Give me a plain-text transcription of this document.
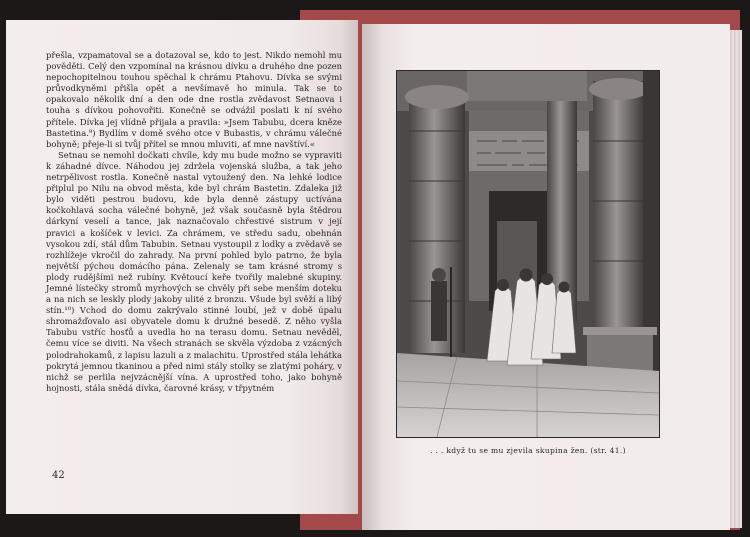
přešla, vzpamatoval se a dotazoval se, kdo to jest. Nikdo nemohl mu pověděti. Celý den vzpomínal na krásnou dívku a druhého dne pozen nepochopitelnou touhou spěchal k chrámu Ptahovu. Dívka se svými průvodkyněmi přišla opět a nevšímavě ho minula. Tak se to opakovalo několik dní a den ode dne rostla zvědavost Setnaova i touha s dívkou pohovořiti. Konečně se odvážil poslati k ní svého přítele. Dívka jej vlídně přijala a pravila: »Jsem Tabubu, dcera kněze Bastetina.⁹) Bydlím v domě svého otce v Bubastis, v chrámu válečné bohyně; přeje-li si tvůj přítel se mnou mluviti, ať mne navštíví.«

Setnau se nemohl dočkati chvíle, kdy mu bude možno se vypraviti k záhadné dívce. Náhodou jej zdržela vojenská služba, a tak jeho netrpělivost rostla. Konečně nastal vytoužený den. Na lehké lodice připlul po Nilu na obvod města, kde byl chrám Bastetin. Zdaleka již bylo viděti pestrou budovu, kde byla denně zástupy uctívána kočkohlavá socha válečné bohyně, jež však současně byla štědrou dárkyní veselí a tance, jak naznačovalo chřestivé sistrum v její pravici a košíček v levici. Za chrámem, ve středu sadu, obehnán vysokou zdí, stál dům Tabubin. Setnau vystoupil z lodky a zvědavě se rozhlížeje vkročil do zahrady. Na první pohled bylo patrno, že byla největší pýchou domácího pána. Zelenaly se tam krásné stromy s plody rudějšími než rubíny. Květoucí keře tvořily malebné skupiny. Jemné lístečky stromů myrhových se chvěly při sebe menším doteku a na nich se leskly plody jakoby ulité z bronzu. Všude byl svěží a libý stín.¹⁰) Vchod do domu zakrývalo stinné loubí, jež v době úpalu shromažďovalo asi obyvatele domu k družné besedě. Z něho vyšla Tabubu vstříc hosťů a uvedla ho na terasu domu. Setnau nevěděl, čemu více se diviti. Na všech stranách se skvěla výzdoba z vzácných polodrahokamů, z lapisu lazuli a z malachitu. Uprostřed stála lehátka pokrytá jemnou tkaninou a před nimi stály stolky se zlatými poháry, v nichž se perlila nejvzácnější vína. A uprostřed toho, jako bohyně hojnosti, stála snědá dívka, čarovné krásy, v třpytném

42
. . . když tu se mu zjevila skupina žen. (str. 41.)
